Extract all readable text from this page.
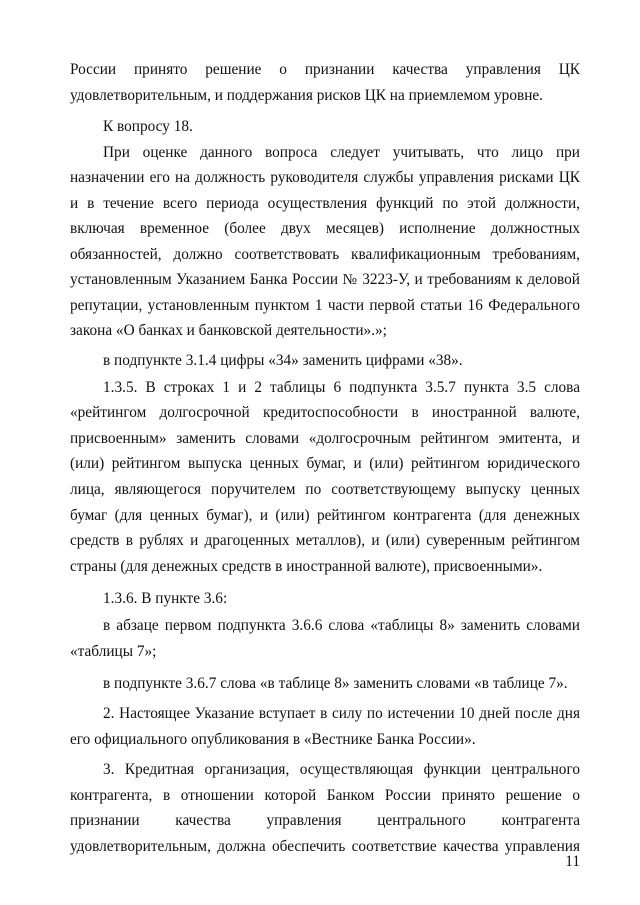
России принято решение о признании качества управления ЦК
удовлетворительным, и поддержания рисков ЦК на приемлемом уровне.
К вопросу 18.
При оценке данного вопроса следует учитывать, что лицо при
назначении его на должность руководителя службы управления рисками ЦК
и в течение всего периода осуществления функций по этой должности,
включая временное (более двух месяцев) исполнение должностных
обязанностей, должно соответствовать квалификационным требованиям,
установленным Указанием Банка России № 3223-У, и требованиям к деловой
репутации, установленным пунктом 1 части первой статьи 16 Федерального
закона «О банках и банковской деятельности».»;
в подпункте 3.1.4 цифры «34» заменить цифрами «38».
1.3.5. В строках 1 и 2 таблицы 6 подпункта 3.5.7 пункта 3.5 слова
«рейтингом долгосрочной кредитоспособности в иностранной валюте,
присвоенным» заменить словами «долгосрочным рейтингом эмитента, и
(или) рейтингом выпуска ценных бумаг, и (или) рейтингом юридического
лица, являющегося поручителем по соответствующему выпуску ценных
бумаг (для ценных бумаг), и (или) рейтингом контрагента (для денежных
средств в рублях и драгоценных металлов), и (или) суверенным рейтингом
страны (для денежных средств в иностранной валюте), присвоенными».
1.3.6. В пункте 3.6:
в абзаце первом подпункта 3.6.6 слова «таблицы 8» заменить словами
«таблицы 7»;
в подпункте 3.6.7 слова «в таблице 8» заменить словами «в таблице 7».
2. Настоящее Указание вступает в силу по истечении 10 дней после дня
его официального опубликования в «Вестнике Банка России».
3. Кредитная организация, осуществляющая функции центрального
контрагента, в отношении которой Банком России принято решение о
признании качества управления центрального контрагента
удовлетворительным, должна обеспечить соответствие качества управления
11
